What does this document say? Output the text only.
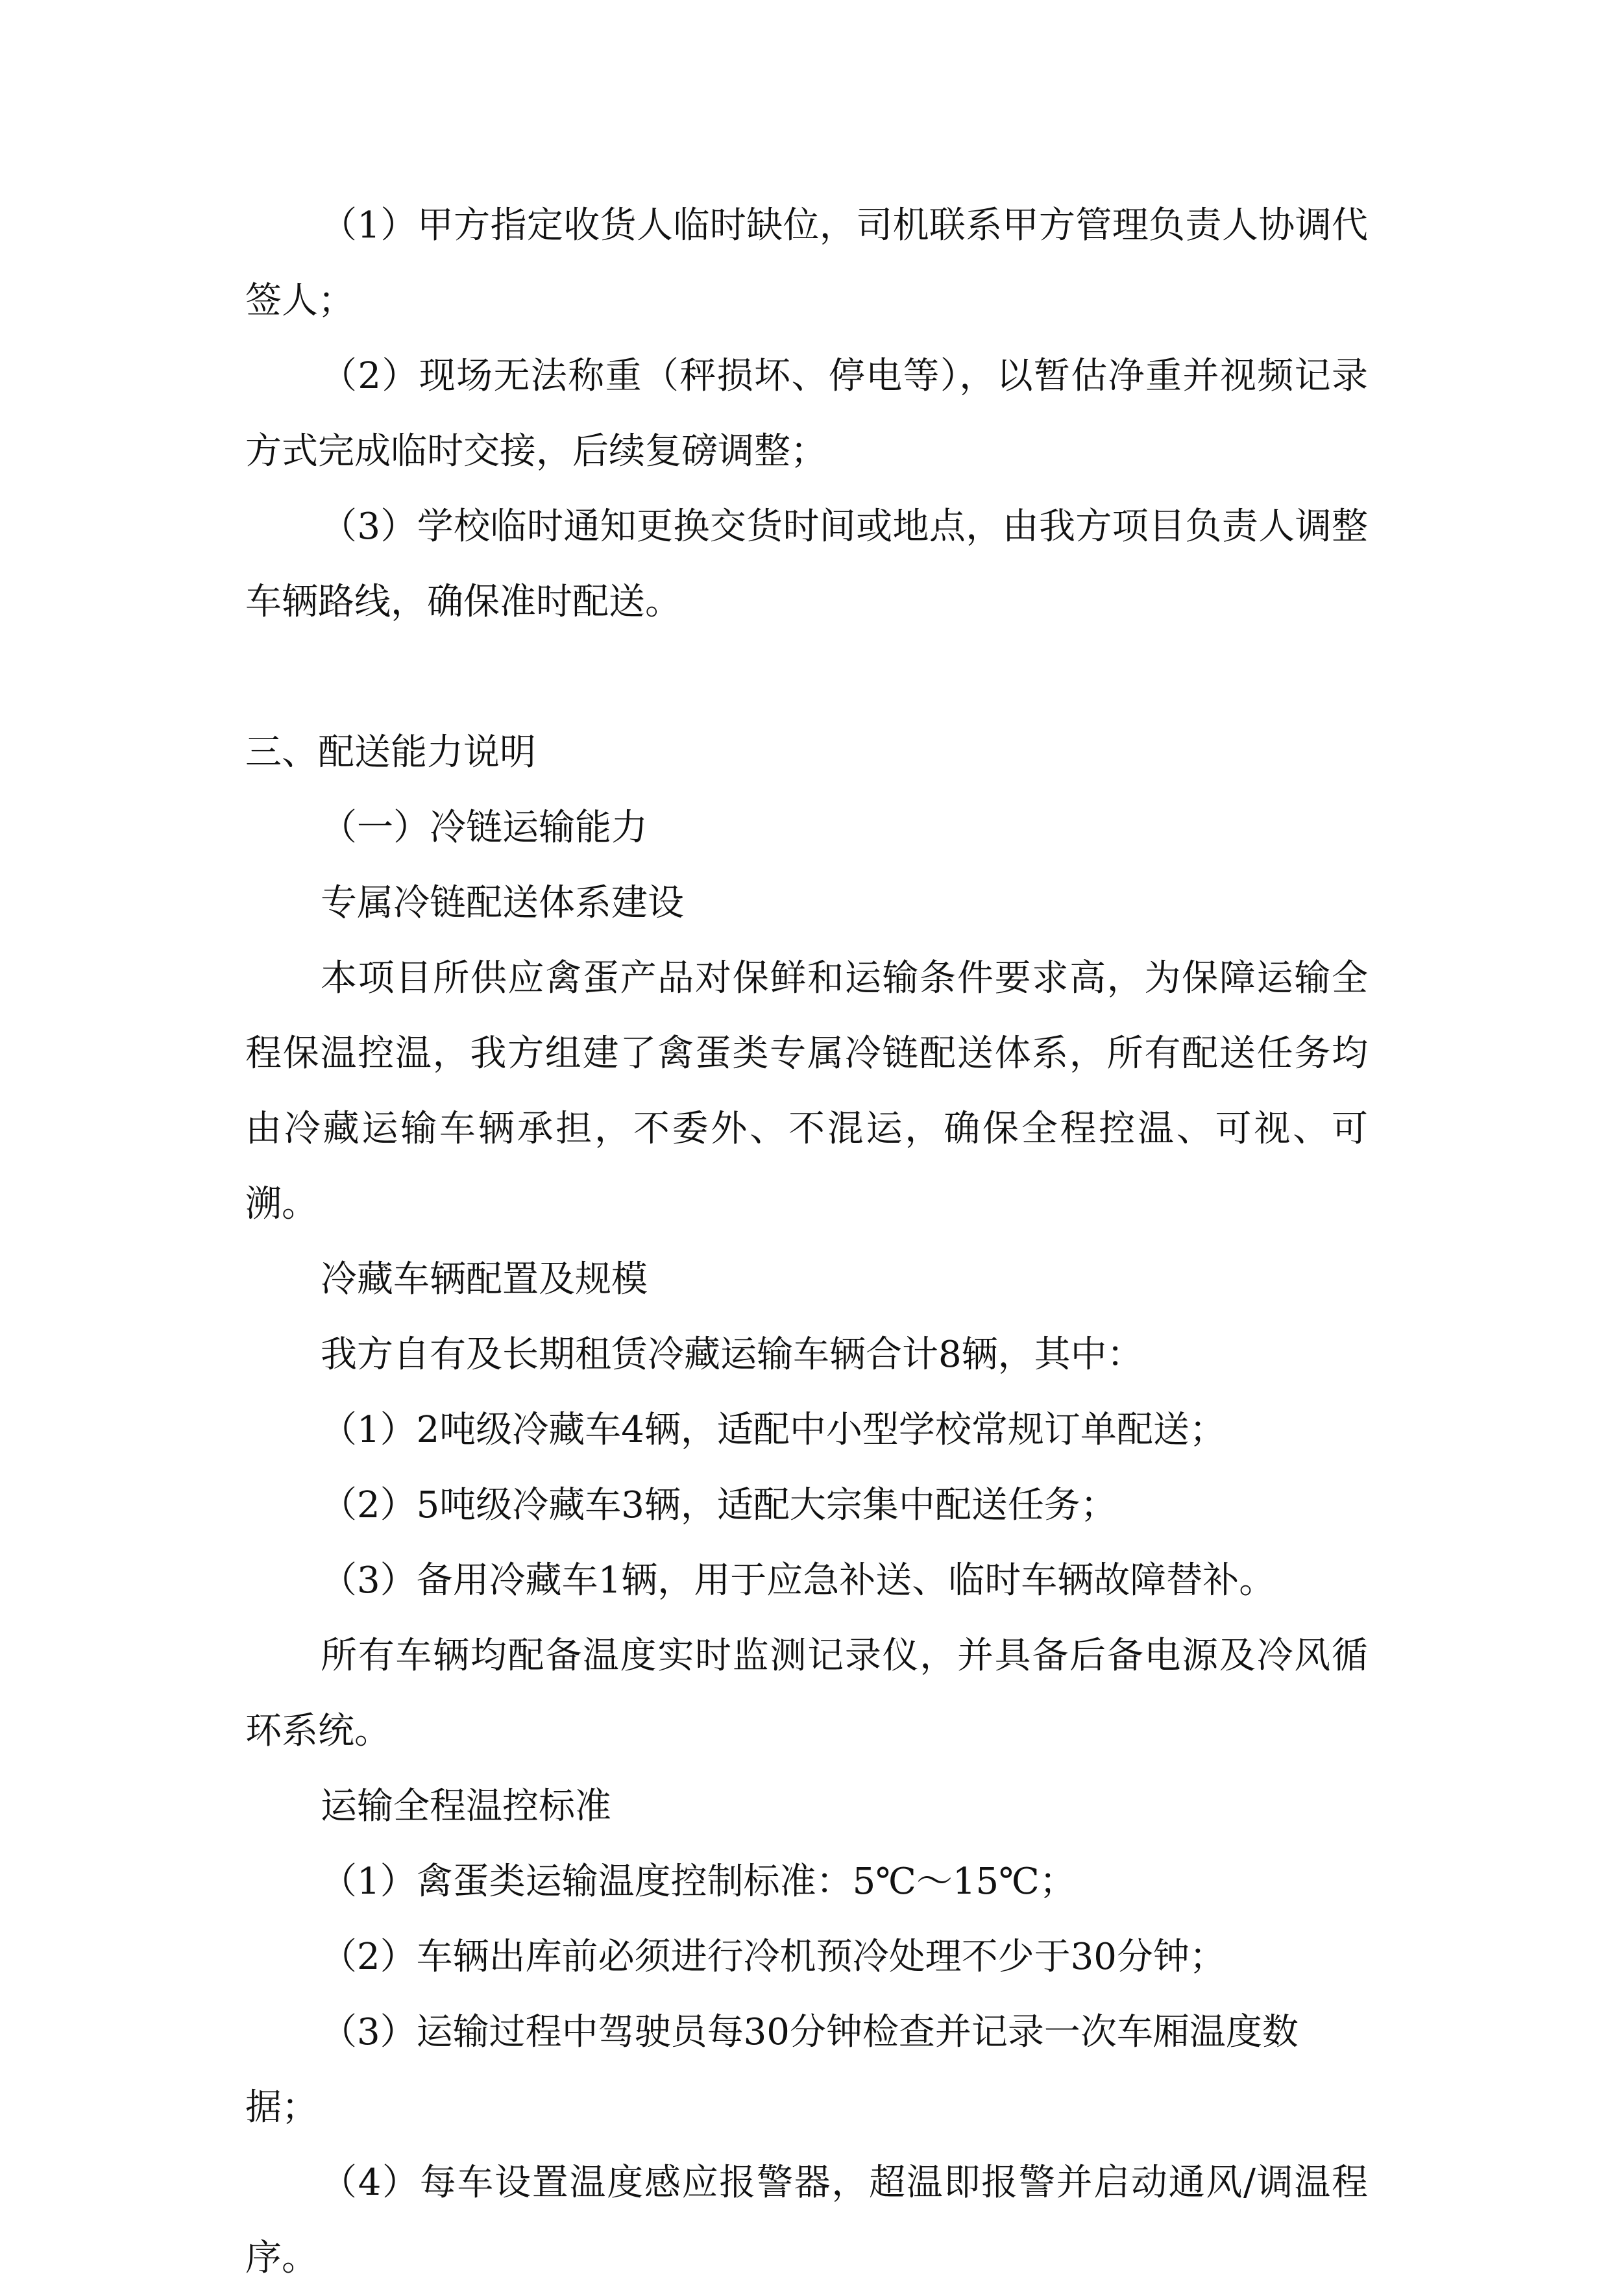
（1）甲方指定收货人临时缺位，司机联系甲方管理负责人协调代签人；

（2）现场无法称重（秤损坏、停电等），以暂估净重并视频记录方式完成临时交接，后续复磅调整；

（3）学校临时通知更换交货时间或地点，由我方项目负责人调整车辆路线，确保准时配送。

三、配送能力说明

（一）冷链运输能力

专属冷链配送体系建设

本项目所供应禽蛋产品对保鲜和运输条件要求高，为保障运输全程保温控温，我方组建了禽蛋类专属冷链配送体系，所有配送任务均由冷藏运输车辆承担，不委外、不混运，确保全程控温、可视、可溯。

冷藏车辆配置及规模

我方自有及长期租赁冷藏运输车辆合计8辆，其中：

（1）2吨级冷藏车4辆，适配中小型学校常规订单配送；

（2）5吨级冷藏车3辆，适配大宗集中配送任务；

（3）备用冷藏车1辆，用于应急补送、临时车辆故障替补。

所有车辆均配备温度实时监测记录仪，并具备后备电源及冷风循环系统。

运输全程温控标准

（1）禽蛋类运输温度控制标准：5℃～15℃；

（2）车辆出库前必须进行冷机预冷处理不少于30分钟；

（3）运输过程中驾驶员每30分钟检查并记录一次车厢温度数据；

（4）每车设置温度感应报警器，超温即报警并启动通风/调温程序。
